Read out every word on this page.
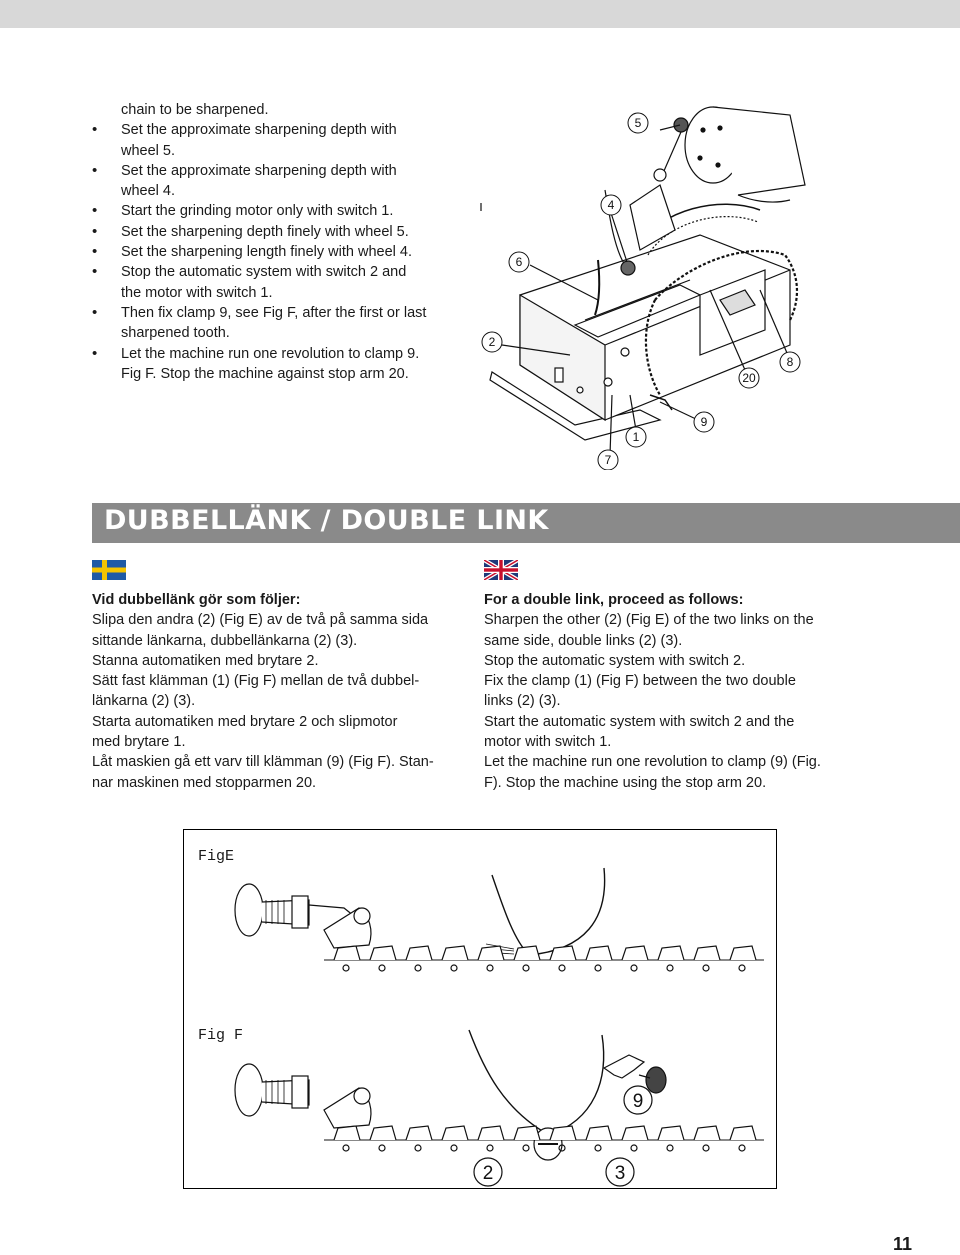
chain to be sharpened.
• Set the approximate sharpening depth with
wheel 5.
• Set the approximate sharpening depth with
wheel 4.
• Start the grinding motor only with switch 1.
• Set the sharpening depth finely with wheel 5.
• Set the sharpening length finely with wheel 4.
• Stop the automatic system with switch 2 and
the motor with switch 1.
• Then fix clamp 9, see Fig F, after the first or last
sharpened tooth.
• Let the machine run one revolution to clamp 9.
Fig F. Stop the machine against stop arm 20.
5
4
6
2
20
8
9
1
7
DUBBELLÄNK / DOUBLE LINK
Vid dubbellänk gör som följer:
Slipa den andra (2) (Fig E) av de två på samma sida
sittande länkarna, dubbellänkarna (2) (3).
Stanna automatiken med brytare 2.
Sätt fast klämman (1) (Fig F) mellan de två dubbel-
länkarna (2) (3).
Starta automatiken med brytare 2 och slipmotor
med brytare 1.
Låt maskien gå ett varv till klämman (9) (Fig F). Stan-
nar maskinen med stopparmen 20.
For a double link, proceed as follows:
Sharpen the other (2) (Fig E) of the two links on the
same side, double links (2) (3).
Stop the automatic system with switch 2.
Fix the clamp (1) (Fig F) between the two double
links (2) (3).
Start the automatic system with switch 2 and the
motor with switch 1.
Let the machine run one revolution to clamp (9) (Fig.
F). Stop the machine using the stop arm 20.
FigE
Fig F
9
2	3
11
